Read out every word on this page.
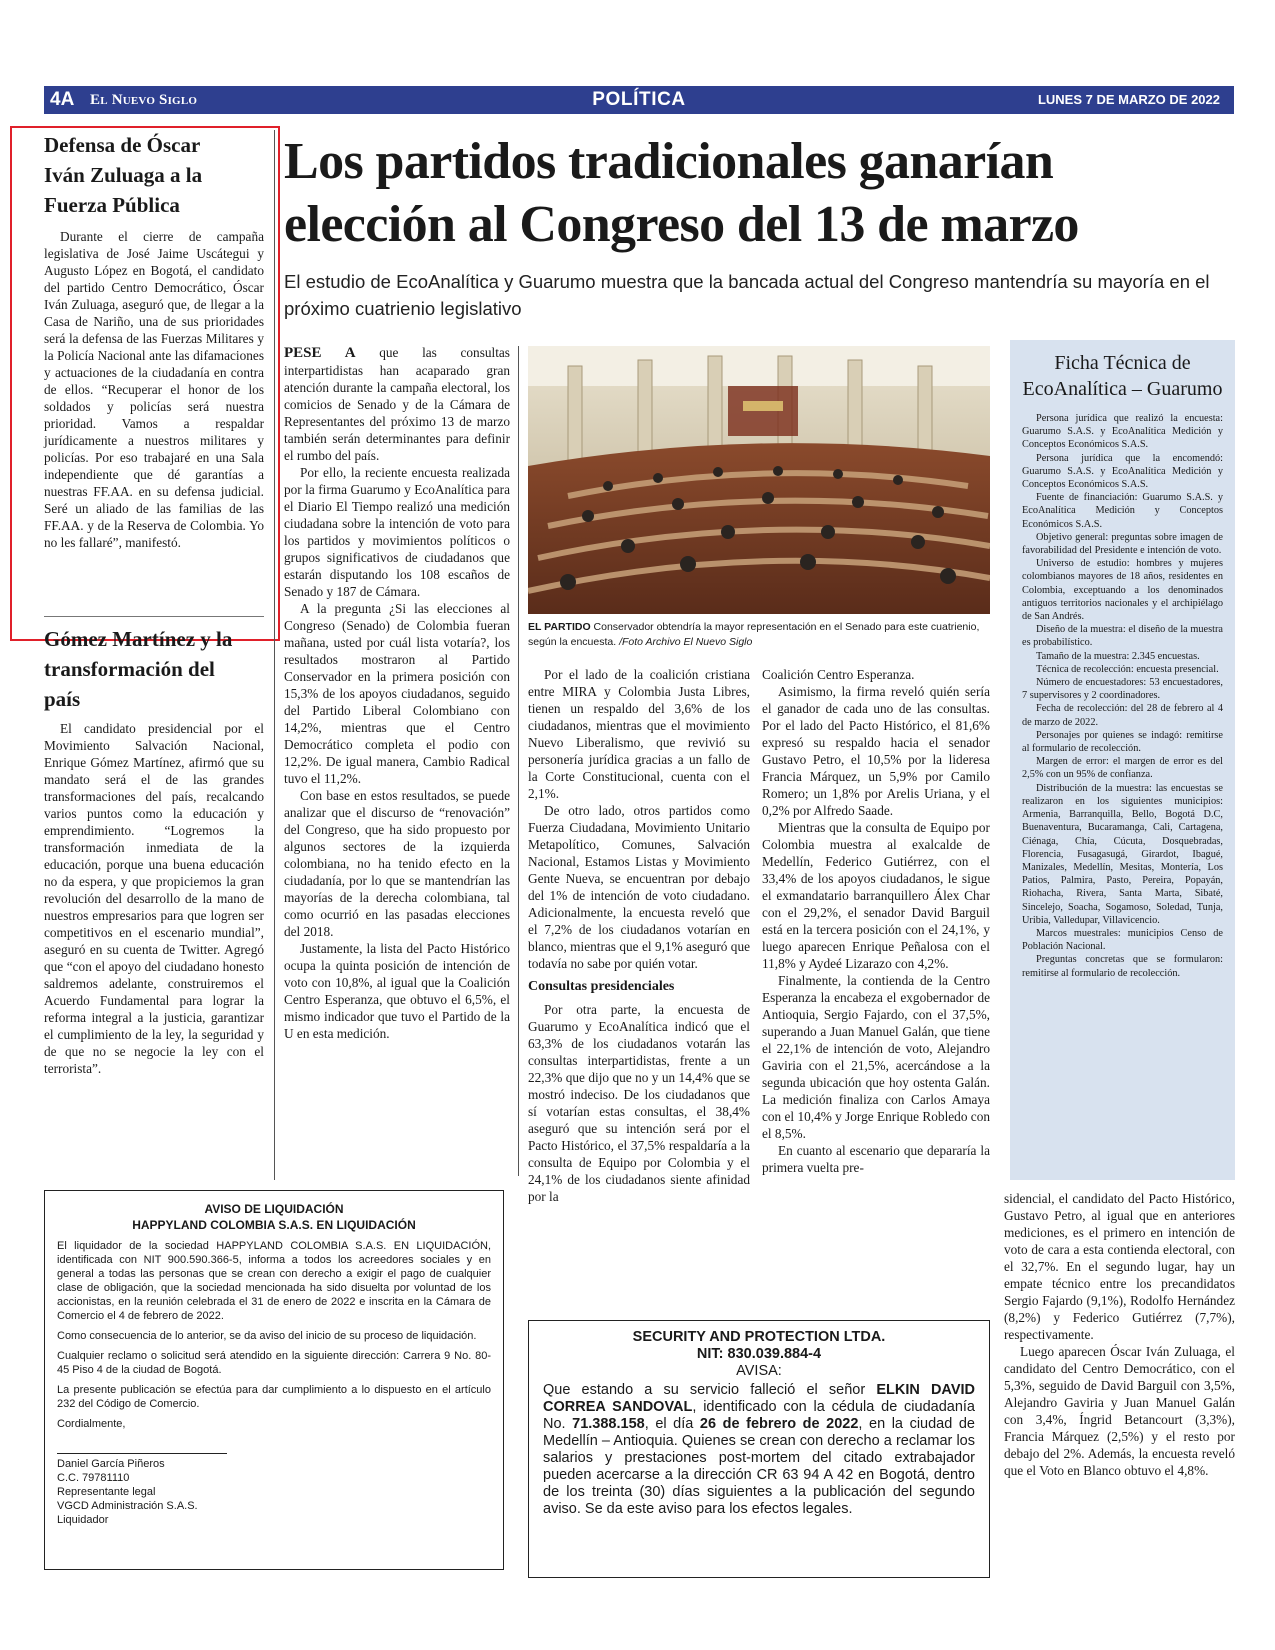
4A El Nuevo Siglo	POLÍTICA	LUNES 7 DE MARZO DE 2022
Defensa de Óscar Iván Zuluaga a la Fuerza Pública

Durante el cierre de campaña legislativa de José Jaime Uscátegui y Augusto López en Bogotá, el candidato del partido Centro Democrático, Óscar Iván Zuluaga, aseguró que, de llegar a la Casa de Nariño, una de sus prioridades será la defensa de las Fuerzas Militares y la Policía Nacional ante las difamaciones y actuaciones de la ciudadanía en contra de ellos. “Recuperar el honor de los soldados y policías será nuestra prioridad. Vamos a respaldar jurídicamente a nuestros militares y policías. Por eso trabajaré en una Sala independiente que dé garantías a nuestras FF.AA. en su defensa judicial. Seré un aliado de las familias de las FF.AA. y de la Reserva de Colombia. Yo no les fallaré”, manifestó.

Gómez Martínez y la transformación del país

El candidato presidencial por el Movimiento Salvación Nacional, Enrique Gómez Martínez, afirmó que su mandato será el de las grandes transformaciones del país, recalcando varios puntos como la educación y emprendimiento. “Logremos la transformación inmediata de la educación, porque una buena educación no da espera, y que propiciemos la gran revolución del desarrollo de la mano de nuestros empresarios para que logren ser competitivos en el escenario mundial”, aseguró en su cuenta de Twitter. Agregó que “con el apoyo del ciudadano honesto saldremos adelante, construiremos el Acuerdo Fundamental para lograr la reforma integral a la justicia, garantizar el cumplimiento de la ley, la seguridad y de que no se negocie la ley con el terrorista”.

Los partidos tradicionales ganarían elección al Congreso del 13 de marzo
El estudio de EcoAnalítica y Guarumo muestra que la bancada actual del Congreso mantendría su mayoría en el próximo cuatrienio legislativo

PESE A que las consultas interpartidistas han acaparado gran atención durante la campaña electoral, los comicios de Senado y de la Cámara de Representantes del próximo 13 de marzo también serán determinantes para definir el rumbo del país.

Por ello, la reciente encuesta realizada por la firma Guarumo y EcoAnalítica para el Diario El Tiempo realizó una medición ciudadana sobre la intención de voto para los partidos y movimientos políticos o grupos significativos de ciudadanos que estarán disputando los 108 escaños de Senado y 187 de Cámara.

A la pregunta ¿Si las elecciones al Congreso (Senado) de Colombia fueran mañana, usted por cuál lista votaría?, los resultados mostraron al Partido Conservador en la primera posición con 15,3% de los apoyos ciudadanos, seguido del Partido Liberal Colombiano con 14,2%, mientras que el Centro Democrático completa el podio con 12,2%. De igual manera, Cambio Radical tuvo el 11,2%.

Con base en estos resultados, se puede analizar que el discurso de “renovación” del Congreso, que ha sido propuesto por algunos sectores de la izquierda colombiana, no ha tenido efecto en la ciudadanía, por lo que se mantendrían las mayorías de la derecha colombiana, tal como ocurrió en las pasadas elecciones del 2018.

Justamente, la lista del Pacto Histórico ocupa la quinta posición de intención de voto con 10,8%, al igual que la Coalición Centro Esperanza, que obtuvo el 6,5%, el mismo indicador que tuvo el Partido de la U en esta medición.

EL PARTIDO Conservador obtendría la mayor representación en el Senado para este cuatrienio, según la encuesta. /Foto Archivo El Nuevo Siglo

Por el lado de la coalición cristiana entre MIRA y Colombia Justa Libres, tienen un respaldo del 3,6% de los ciudadanos, mientras que el movimiento Nuevo Liberalismo, que revivió su personería jurídica gracias a un fallo de la Corte Constitucional, cuenta con el 2,1%.

De otro lado, otros partidos como Fuerza Ciudadana, Movimiento Unitario Metapolítico, Comunes, Salvación Nacional, Estamos Listas y Movimiento Gente Nueva, se encuentran por debajo del 1% de intención de voto ciudadano. Adicionalmente, la encuesta reveló que el 7,2% de los ciudadanos votarían en blanco, mientras que el 9,1% aseguró que todavía no sabe por quién votar.

Consultas presidenciales

Por otra parte, la encuesta de Guarumo y EcoAnalítica indicó que el 63,3% de los ciudadanos votarán las consultas interpartidistas, frente a un 22,3% que dijo que no y un 14,4% que se mostró indeciso. De los ciudadanos que sí votarían estas consultas, el 38,4% aseguró que su intención será por el Pacto Histórico, el 37,5% respaldaría a la consulta de Equipo por Colombia y el 24,1% de los ciudadanos siente afinidad por la

Coalición Centro Esperanza.

Asimismo, la firma reveló quién sería el ganador de cada uno de las consultas. Por el lado del Pacto Histórico, el 81,6% expresó su respaldo hacia el senador Gustavo Petro, el 10,5% por la lideresa Francia Márquez, un 5,9% por Camilo Romero; un 1,8% por Arelis Uriana, y el 0,2% por Alfredo Saade.

Mientras que la consulta de Equipo por Colombia muestra al exalcalde de Medellín, Federico Gutiérrez, con el 33,4% de los apoyos ciudadanos, le sigue el exmandatario barranquillero Álex Char con el 29,2%, el senador David Barguil está en la tercera posición con el 24,1%, y luego aparecen Enrique Peñalosa con el 11,8% y Aydeé Lizarazo con 4,2%.

Finalmente, la contienda de la Centro Esperanza la encabeza el exgobernador de Antioquia, Sergio Fajardo, con el 37,5%, superando a Juan Manuel Galán, que tiene el 22,1% de intención de voto, Alejandro Gaviria con el 21,5%, acercándose a la segunda ubicación que hoy ostenta Galán. La medición finaliza con Carlos Amaya con el 10,4% y Jorge Enrique Robledo con el 8,5%.

En cuanto al escenario que depararía la primera vuelta pre-

Ficha Técnica de EcoAnalítica – Guarumo

Persona jurídica que realizó la encuesta: Guarumo S.A.S. y EcoAnalítica Medición y Conceptos Económicos S.A.S.

Persona jurídica que la encomendó: Guarumo S.A.S. y EcoAnalítica Medición y Conceptos Económicos S.A.S.

Fuente de financiación: Guarumo S.A.S. y EcoAnalítica Medición y Conceptos Económicos S.A.S.

Objetivo general: preguntas sobre imagen de favorabilidad del Presidente e intención de voto.

Universo de estudio: hombres y mujeres colombianos mayores de 18 años, residentes en Colombia, exceptuando a los denominados antiguos territorios nacionales y el archipiélago de San Andrés.

Diseño de la muestra: el diseño de la muestra es probabilístico.

Tamaño de la muestra: 2.345 encuestas.

Técnica de recolección: encuesta presencial.

Número de encuestadores: 53 encuestadores, 7 supervisores y 2 coordinadores.

Fecha de recolección: del 28 de febrero al 4 de marzo de 2022.

Personajes por quienes se indagó: remitirse al formulario de recolección.

Margen de error: el margen de error es del 2,5% con un 95% de confianza.

Distribución de la muestra: las encuestas se realizaron en los siguientes municipios: Armenia, Barranquilla, Bello, Bogotá D.C, Buenaventura, Bucaramanga, Cali, Cartagena, Ciénaga, Chía, Cúcuta, Dosquebradas, Florencia, Fusagasugá, Girardot, Ibagué, Manizales, Medellín, Mesitas, Montería, Los Patios, Palmira, Pasto, Pereira, Popayán, Riohacha, Rivera, Santa Marta, Sibaté, Sincelejo, Soacha, Sogamoso, Soledad, Tunja, Uribia, Valledupar, Villavicencio.

Marcos muestrales: municipios Censo de Población Nacional.

Preguntas concretas que se formularon: remitirse al formulario de recolección.

sidencial, el candidato del Pacto Histórico, Gustavo Petro, al igual que en anteriores mediciones, es el primero en intención de voto de cara a esta contienda electoral, con el 32,7%. En el segundo lugar, hay un empate técnico entre los precandidatos Sergio Fajardo (9,1%), Rodolfo Hernández (8,2%) y Federico Gutiérrez (7,7%), respectivamente.

Luego aparecen Óscar Iván Zuluaga, el candidato del Centro Democrático, con el 5,3%, seguido de David Barguil con 3,5%, Alejandro Gaviria y Juan Manuel Galán con 3,4%, Íngrid Betancourt (3,3%), Francia Márquez (2,5%) y el resto por debajo del 2%. Además, la encuesta reveló que el Voto en Blanco obtuvo el 4,8%.

AVISO DE LIQUIDACIÓN
HAPPYLAND COLOMBIA S.A.S. EN LIQUIDACIÓN

El liquidador de la sociedad HAPPYLAND COLOMBIA S.A.S. EN LIQUIDACIÓN, identificada con NIT 900.590.366-5, informa a todos los acreedores sociales y en general a todas las personas que se crean con derecho a exigir el pago de cualquier clase de obligación, que la sociedad mencionada ha sido disuelta por voluntad de los accionistas, en la reunión celebrada el 31 de enero de 2022 e inscrita en la Cámara de Comercio el 4 de febrero de 2022.

Como consecuencia de lo anterior, se da aviso del inicio de su proceso de liquidación.

Cualquier reclamo o solicitud será atendido en la siguiente dirección: Carrera 9 No. 80-45 Piso 4 de la ciudad de Bogotá.

La presente publicación se efectúa para dar cumplimiento a lo dispuesto en el artículo 232 del Código de Comercio.

Cordialmente,

Daniel García Piñeros
C.C. 79781110
Representante legal
VGCD Administración S.A.S.
Liquidador
SECURITY AND PROTECTION LTDA.
NIT: 830.039.884-4
AVISA:
Que estando a su servicio falleció el señor ELKIN DAVID CORREA SANDOVAL, identificado con la cédula de ciudadanía No. 71.388.158, el día 26 de febrero de 2022, en la ciudad de Medellín – Antioquia. Quienes se crean con derecho a reclamar los salarios y prestaciones post-mortem del citado extrabajador pueden acercarse a la dirección CR 63 94 A 42 en Bogotá, dentro de los treinta (30) días siguientes a la publicación del segundo aviso. Se da este aviso para los efectos legales.
